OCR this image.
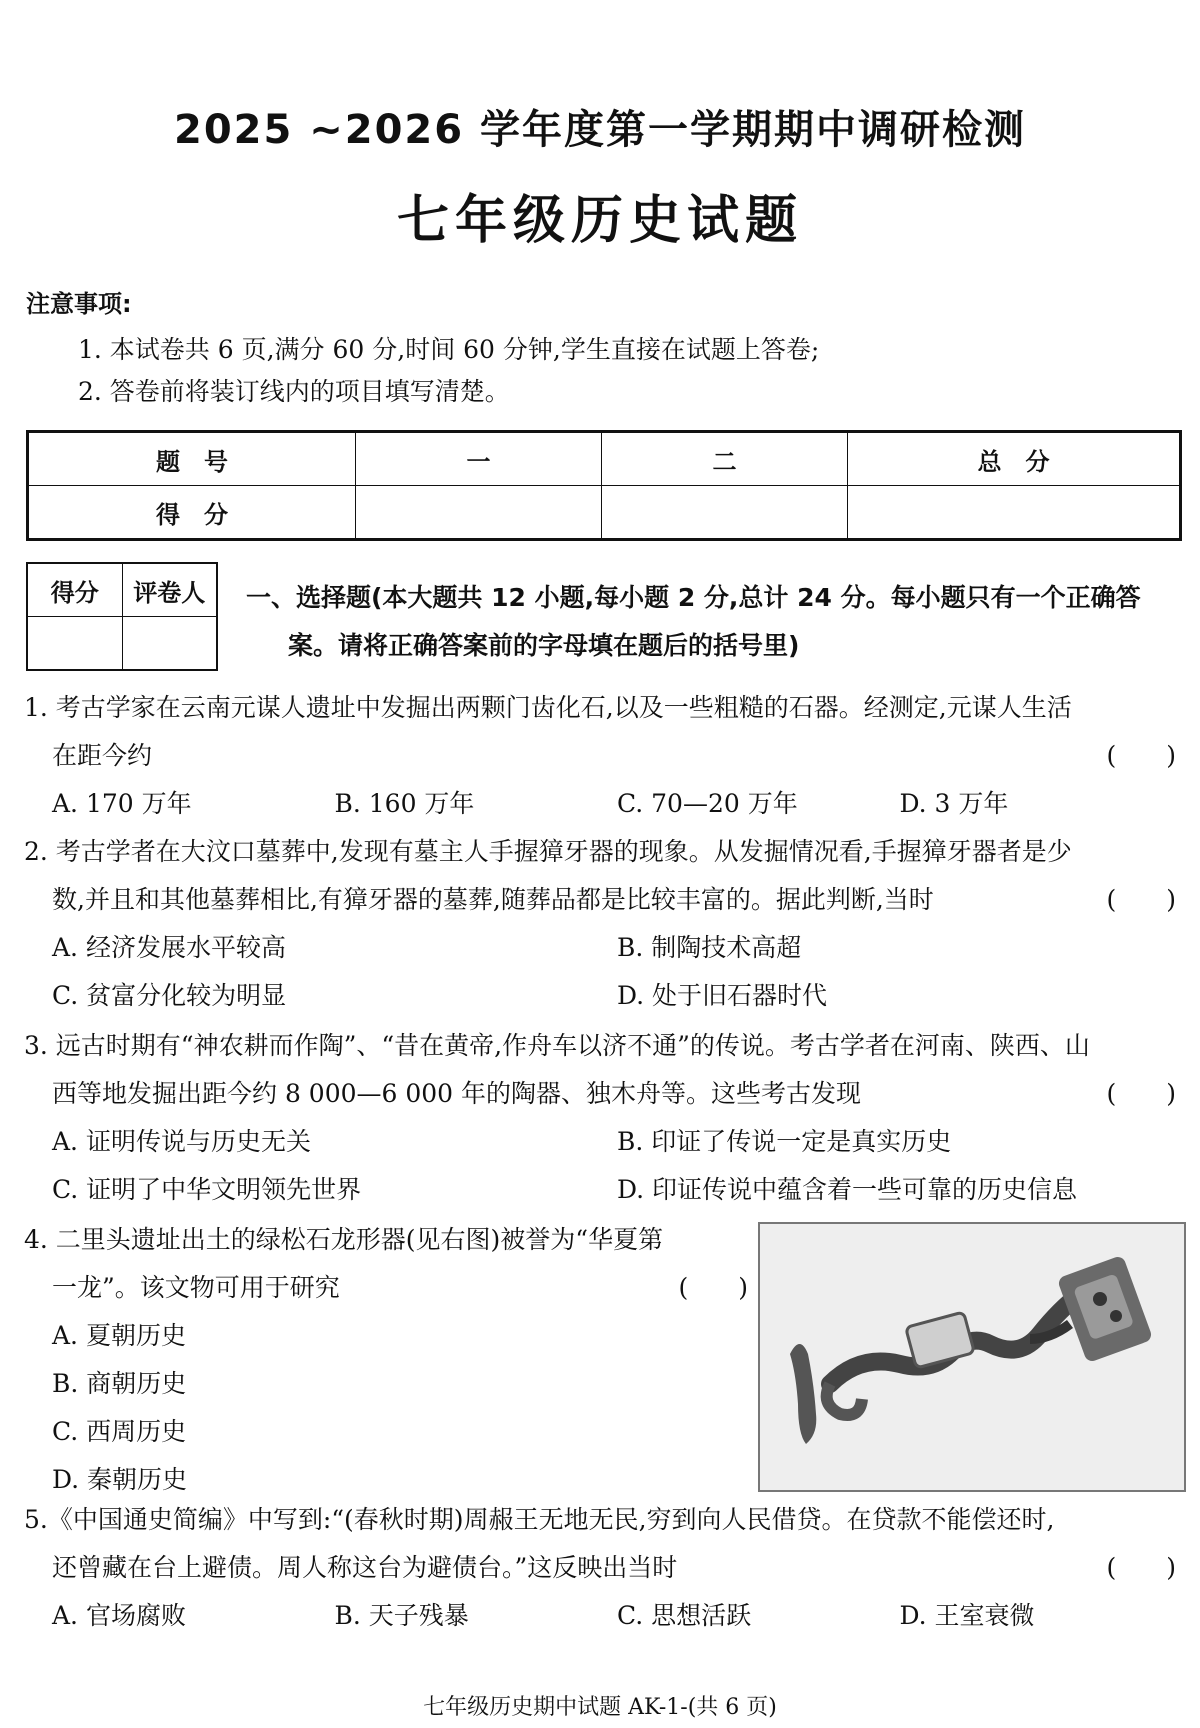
2025 ~2026 学年度第一学期期中调研检测
七年级历史试题
注意事项:
1. 本试卷共 6 页,满分 60 分,时间 60 分钟,学生直接在试题上答卷;
2. 答卷前将装订线内的项目填写清楚。
题　号	一	二	总　分
得　分			
得分	评卷人
	一、选择题(本大题共 12 小题,每小题 2 分,总计 24 分。每小题只有一个正确答
案。请将正确答案前的字母填在题后的括号里)
1. 考古学家在云南元谋人遗址中发掘出两颗门齿化石,以及一些粗糙的石器。经测定,元谋人生活
在距今约	(　　)
A. 170 万年	B. 160 万年	C. 70—20 万年	D. 3 万年
2. 考古学者在大汶口墓葬中,发现有墓主人手握獐牙器的现象。从发掘情况看,手握獐牙器者是少
数,并且和其他墓葬相比,有獐牙器的墓葬,随葬品都是比较丰富的。据此判断,当时	(　　)
A. 经济发展水平较高	B. 制陶技术高超
C. 贫富分化较为明显	D. 处于旧石器时代
3. 远古时期有“神农耕而作陶”、“昔在黄帝,作舟车以济不通”的传说。考古学者在河南、陕西、山
西等地发掘出距今约 8 000—6 000 年的陶器、独木舟等。这些考古发现	(　　)
A. 证明传说与历史无关	B. 印证了传说一定是真实历史
C. 证明了中华文明领先世界	D. 印证传说中蕴含着一些可靠的历史信息
4. 二里头遗址出土的绿松石龙形器(见右图)被誉为“华夏第
一龙”。该文物可用于研究	(　　)
A. 夏朝历史
B. 商朝历史
C. 西周历史
D. 秦朝历史
5.《中国通史简编》中写到:“(春秋时期)周赧王无地无民,穷到向人民借贷。在贷款不能偿还时,
还曾藏在台上避债。周人称这台为避债台。”这反映出当时	(　　)
A. 官场腐败	B. 天子残暴	C. 思想活跃	D. 王室衰微
七年级历史期中试题 AK-1-(共 6 页)
